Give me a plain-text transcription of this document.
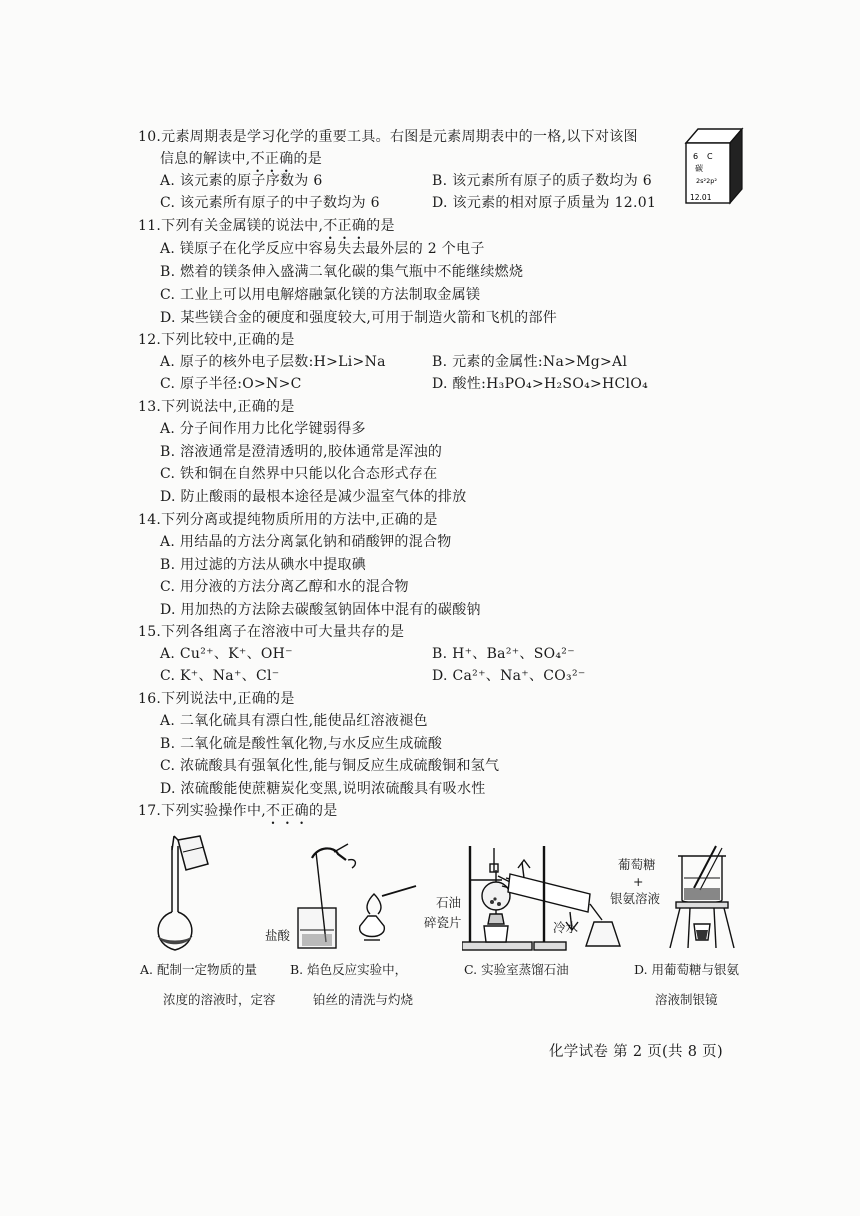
10.元素周期表是学习化学的重要工具。右图是元素周期表中的一格,以下对该图
信息的解读中,不正确的是
A. 该元素的原子序数为 6	B. 该元素所有原子的质子数均为 6
C. 该元素所有原子的中子数均为 6	D. 该元素的相对原子质量为 12.01
6 C
碳
2s²2p²
12.01
11.下列有关金属镁的说法中,不正确的是
A. 镁原子在化学反应中容易失去最外层的 2 个电子
B. 燃着的镁条伸入盛满二氧化碳的集气瓶中不能继续燃烧
C. 工业上可以用电解熔融氯化镁的方法制取金属镁
D. 某些镁合金的硬度和强度较大,可用于制造火箭和飞机的部件
12.下列比较中,正确的是
A. 原子的核外电子层数:H>Li>Na	B. 元素的金属性:Na>Mg>Al
C. 原子半径:O>N>C	D. 酸性:H₃PO₄>H₂SO₄>HClO₄
13.下列说法中,正确的是
A. 分子间作用力比化学键弱得多
B. 溶液通常是澄清透明的,胶体通常是浑浊的
C. 铁和铜在自然界中只能以化合态形式存在
D. 防止酸雨的最根本途径是减少温室气体的排放
14.下列分离或提纯物质所用的方法中,正确的是
A. 用结晶的方法分离氯化钠和硝酸钾的混合物
B. 用过滤的方法从碘水中提取碘
C. 用分液的方法分离乙醇和水的混合物
D. 用加热的方法除去碳酸氢钠固体中混有的碳酸钠
15.下列各组离子在溶液中可大量共存的是
A. Cu²⁺、K⁺、OH⁻	B. H⁺、Ba²⁺、SO₄²⁻
C. K⁺、Na⁺、Cl⁻	D. Ca²⁺、Na⁺、CO₃²⁻
16.下列说法中,正确的是
A. 二氧化硫具有漂白性,能使品红溶液褪色
B. 二氧化硫是酸性氧化物,与水反应生成硫酸
C. 浓硫酸具有强氧化性,能与铜反应生成硫酸铜和氢气
D. 浓硫酸能使蔗糖炭化变黑,说明浓硫酸具有吸水性
17.下列实验操作中,不正确的是
盐酸
石油
碎瓷片	冷水
葡萄糖
+
银氨溶液
A. 配制一定物质的量
浓度的溶液时，定容
B. 焰色反应实验中，
铂丝的清洗与灼烧
C. 实验室蒸馏石油	D. 用葡萄糖与银氨
溶液制银镜
化学试卷 第 2 页(共 8 页)
